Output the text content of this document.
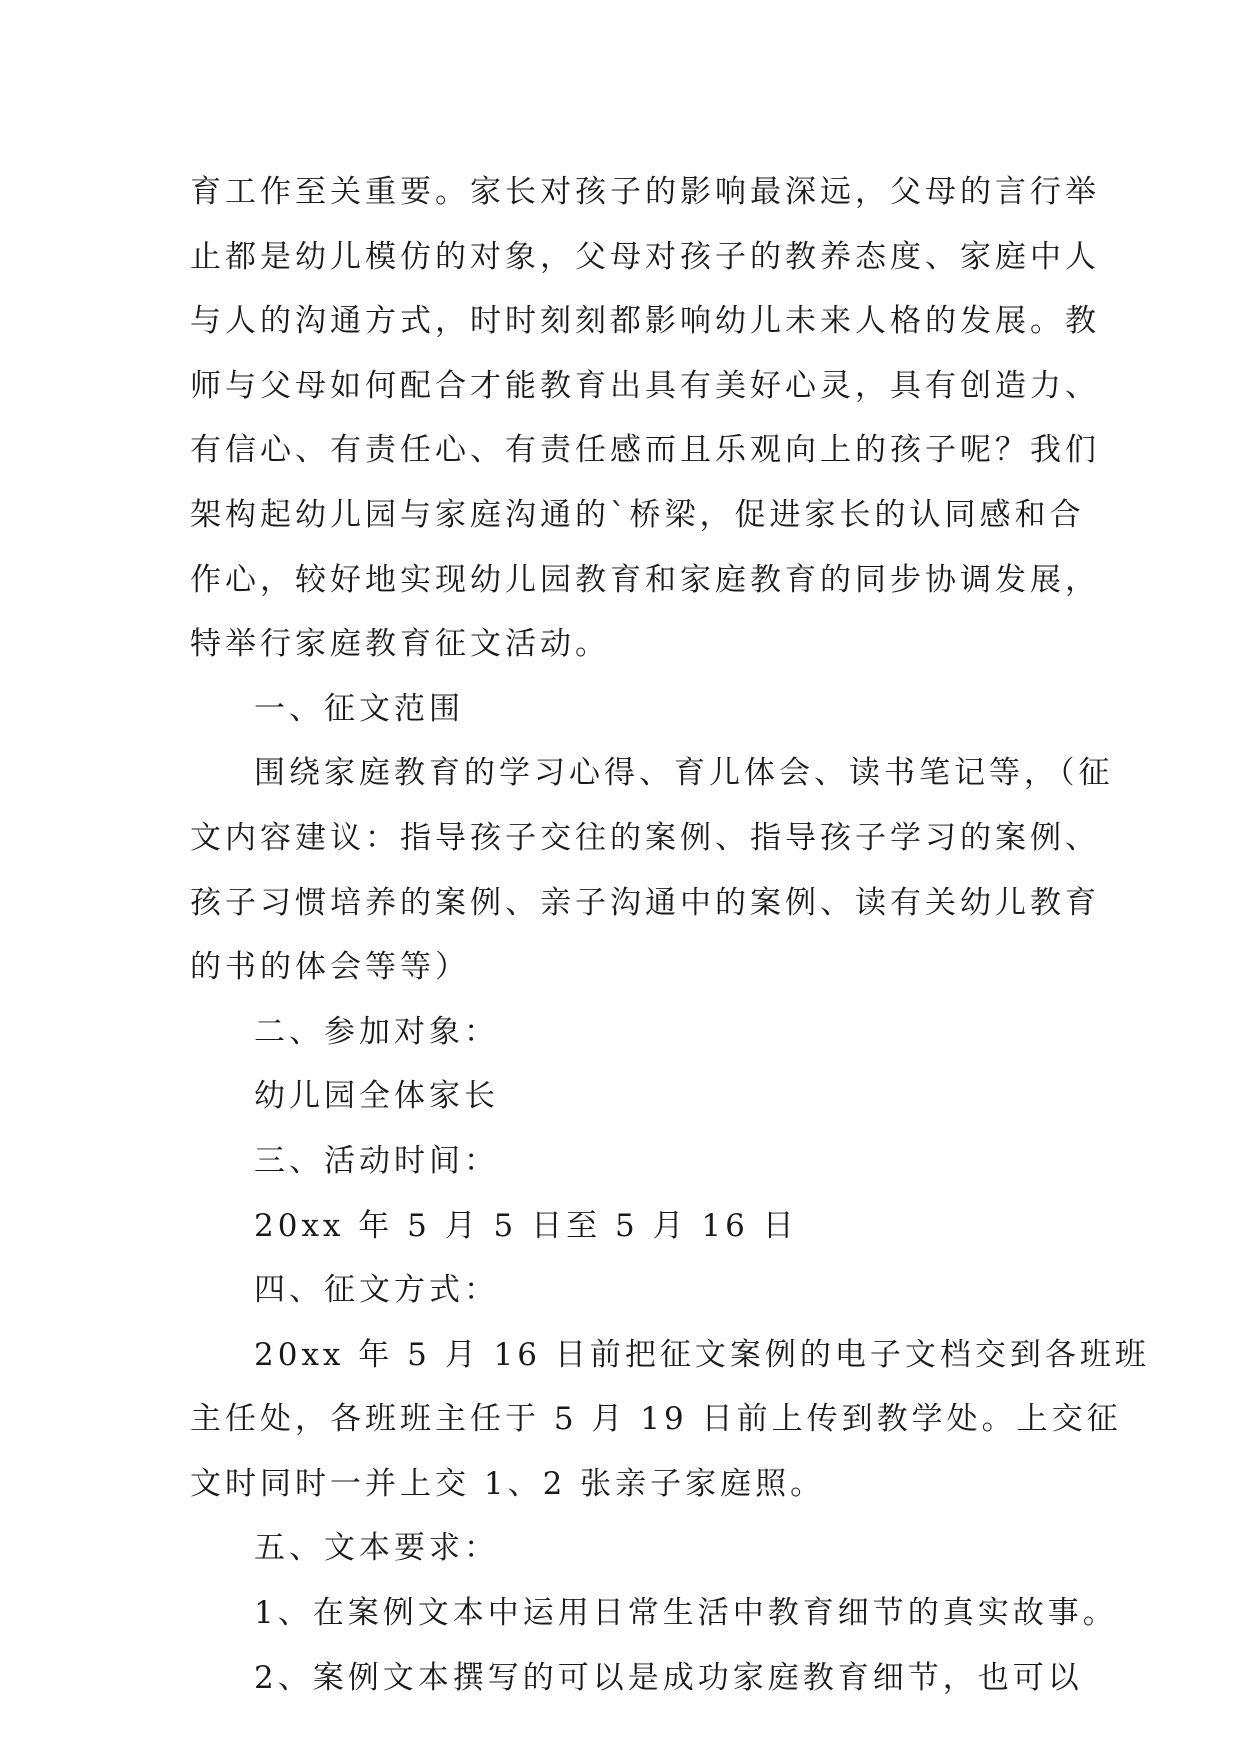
育工作至关重要。家长对孩子的影响最深远，父母的言行举
止都是幼儿模仿的对象，父母对孩子的教养态度、家庭中人
与人的沟通方式，时时刻刻都影响幼儿未来人格的发展。教
师与父母如何配合才能教育出具有美好心灵，具有创造力、
有信心、有责任心、有责任感而且乐观向上的孩子呢？我们
架构起幼儿园与家庭沟通的`桥梁，促进家长的认同感和合
作心，较好地实现幼儿园教育和家庭教育的同步协调发展，
特举行家庭教育征文活动。
一、征文范围
围绕家庭教育的学习心得、育儿体会、读书笔记等，（征
文内容建议：指导孩子交往的案例、指导孩子学习的案例、
孩子习惯培养的案例、亲子沟通中的案例、读有关幼儿教育
的书的体会等等）
二、参加对象：
幼儿园全体家长
三、活动时间：
20xx 年 5 月 5 日至 5 月 16 日
四、征文方式：
20xx 年 5 月 16 日前把征文案例的电子文档交到各班班
主任处，各班班主任于 5 月 19 日前上传到教学处。上交征
文时同时一并上交 1、2 张亲子家庭照。
五、文本要求：
1、在案例文本中运用日常生活中教育细节的真实故事。
2、案例文本撰写的可以是成功家庭教育细节，也可以
